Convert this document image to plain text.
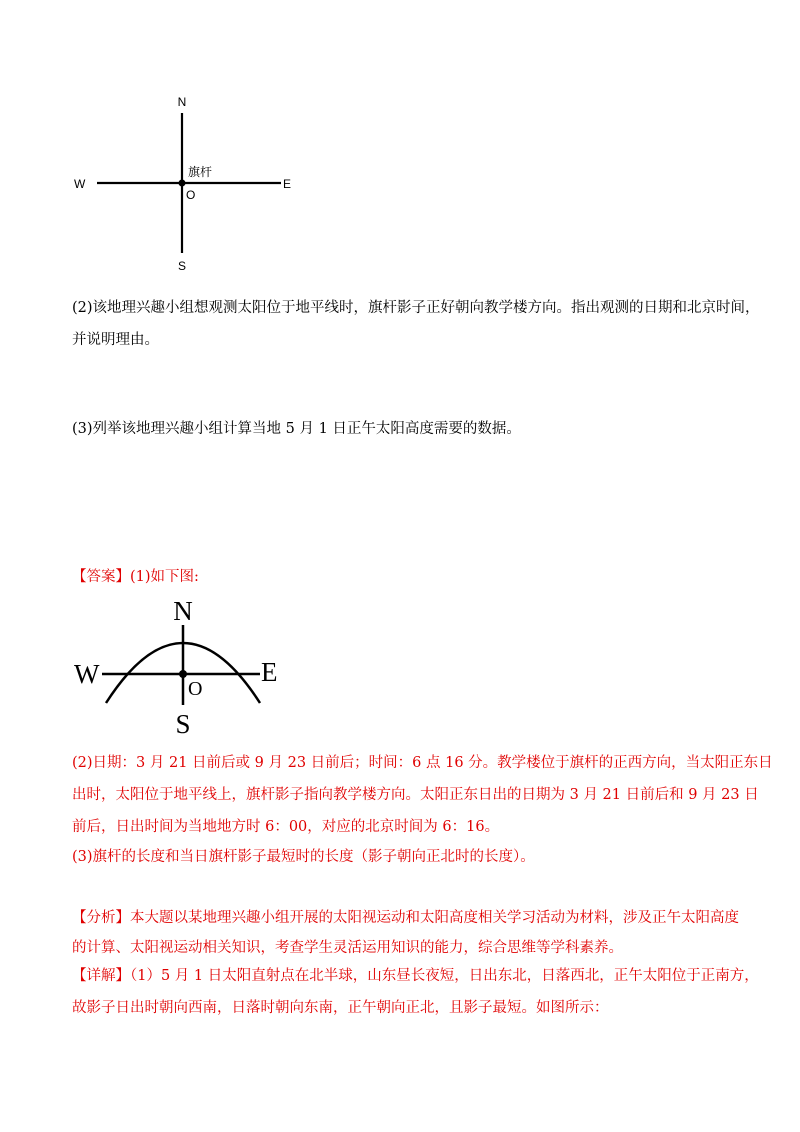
N
S
W	E
O
旗杆
(2)该地理兴趣小组想观测太阳位于地平线时，旗杆影子正好朝向教学楼方向。指出观测的日期和北京时间，
并说明理由。
(3)列举该地理兴趣小组计算当地 5 月 1 日正午太阳高度需要的数据。
【答案】(1)如下图:
N
S
W	E
O
(2)日期：3 月 21 日前后或 9 月 23 日前后；时间：6 点 16 分。教学楼位于旗杆的正西方向，当太阳正东日
出时，太阳位于地平线上，旗杆影子指向教学楼方向。太阳正东日出的日期为 3 月 21 日前后和 9 月 23 日
前后，日出时间为当地地方时 6：00，对应的北京时间为 6：16。
(3)旗杆的长度和当日旗杆影子最短时的长度（影子朝向正北时的长度）。
【分析】本大题以某地理兴趣小组开展的太阳视运动和太阳高度相关学习活动为材料，涉及正午太阳高度
的计算、太阳视运动相关知识，考查学生灵活运用知识的能力，综合思维等学科素养。
【详解】（1）5 月 1 日太阳直射点在北半球，山东昼长夜短，日出东北，日落西北，正午太阳位于正南方，
故影子日出时朝向西南，日落时朝向东南，正午朝向正北，且影子最短。如图所示：
